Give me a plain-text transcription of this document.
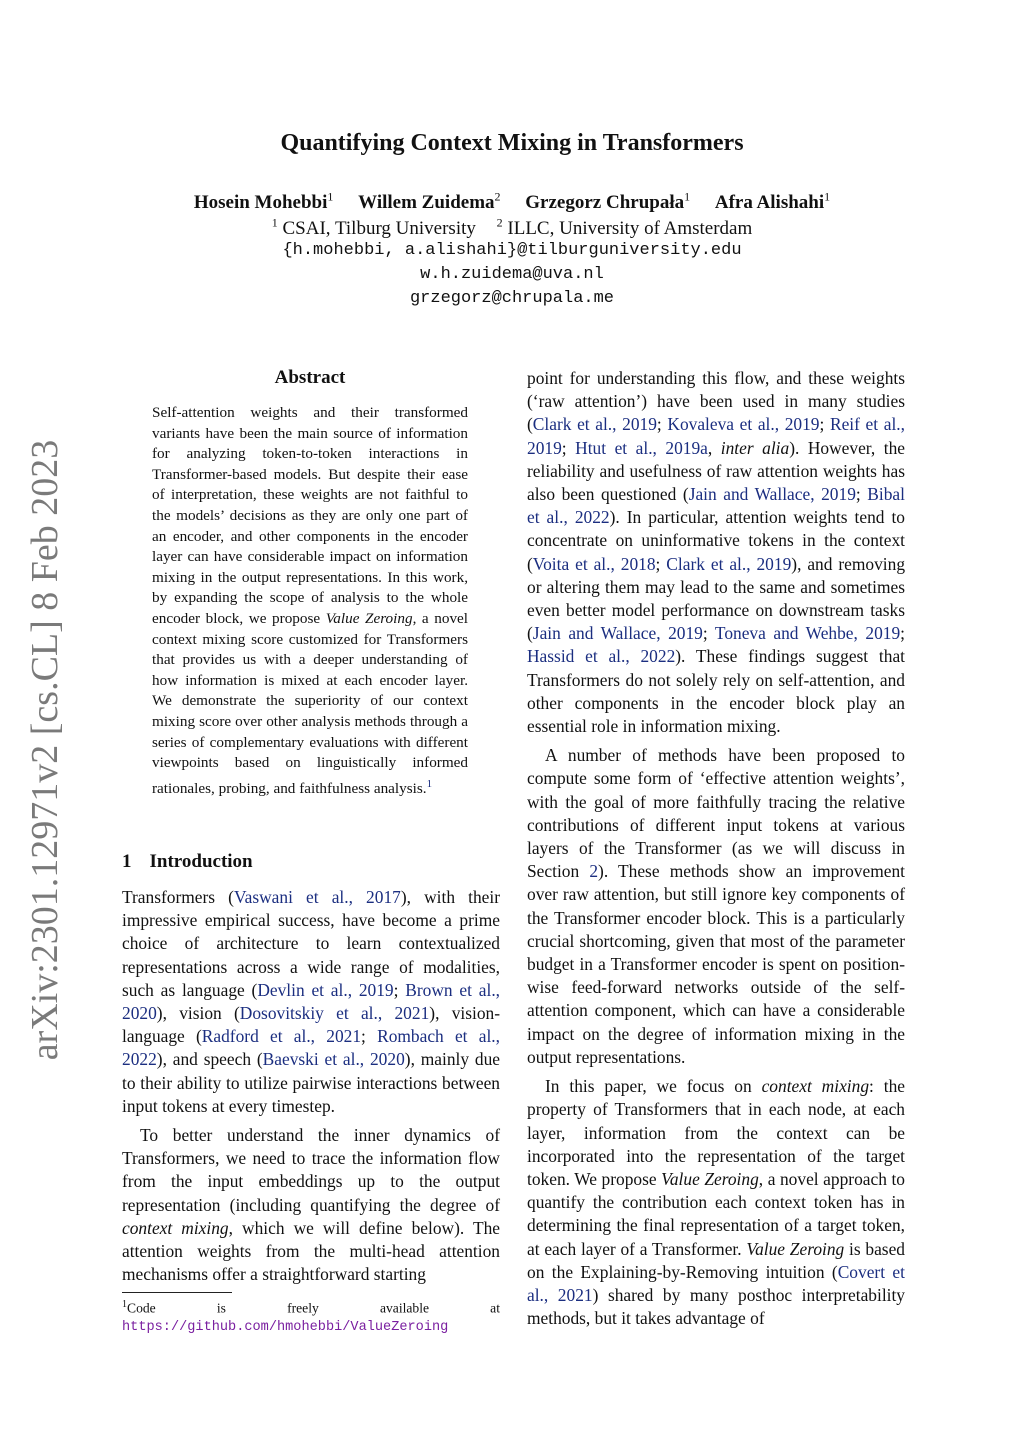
arXiv:2301.12971v2 [cs.CL] 8 Feb 2023
Quantifying Context Mixing in Transformers
Hosein Mohebbi$^1$ Willem Zuidema$^2$ Grzegorz Chrupała$^1$ Afra Alishahi$^1$
$^1$ CSAI, Tilburg University $^2$ ILLC, University of Amsterdam
{h.mohebbi, a.alishahi}@tilburguniversity.edu
w.h.zuidema@uva.nl
grzegorz@chrupala.me
Abstract
Self-attention weights and their transformed variants have been the main source of information for analyzing token-to-token interactions in Transformer-based models. But despite their ease of interpretation, these weights are not faithful to the models’ decisions as they are only one part of an encoder, and other components in the encoder layer can have considerable impact on information mixing in the output representations. In this work, by expanding the scope of analysis to the whole encoder block, we propose Value Zeroing, a novel context mixing score customized for Transformers that provides us with a deeper understanding of how information is mixed at each encoder layer. We demonstrate the superiority of our context mixing score over other analysis methods through a series of complementary evaluations with different viewpoints based on linguistically informed rationales, probing, and faithfulness analysis.$^1$
1 Introduction

Transformers (Vaswani et al., 2017), with their impressive empirical success, have become a prime choice of architecture to learn contextualized representations across a wide range of modalities, such as language (Devlin et al., 2019; Brown et al., 2020), vision (Dosovitskiy et al., 2021), vision-language (Radford et al., 2021; Rombach et al., 2022), and speech (Baevski et al., 2020), mainly due to their ability to utilize pairwise interactions between input tokens at every timestep.

To better understand the inner dynamics of Transformers, we need to trace the information flow from the input embeddings up to the output representation (including quantifying the degree of context mixing, which we will define below). The attention weights from the multi-head attention mechanisms offer a straightforward starting

$^1$Code is freely available at https://github.com/hmohebbi/ValueZeroing

point for understanding this flow, and these weights (‘raw attention’) have been used in many studies (Clark et al., 2019; Kovaleva et al., 2019; Reif et al., 2019; Htut et al., 2019a, inter alia). However, the reliability and usefulness of raw attention weights has also been questioned (Jain and Wallace, 2019; Bibal et al., 2022). In particular, attention weights tend to concentrate on uninformative tokens in the context (Voita et al., 2018; Clark et al., 2019), and removing or altering them may lead to the same and sometimes even better model performance on downstream tasks (Jain and Wallace, 2019; Toneva and Wehbe, 2019; Hassid et al., 2022). These findings suggest that Transformers do not solely rely on self-attention, and other components in the encoder block play an essential role in information mixing.

A number of methods have been proposed to compute some form of ‘effective attention weights’, with the goal of more faithfully tracing the relative contributions of different input tokens at various layers of the Transformer (as we will discuss in Section 2). These methods show an improvement over raw attention, but still ignore key components of the Transformer encoder block. This is a particularly crucial shortcoming, given that most of the parameter budget in a Transformer encoder is spent on position-wise feed-forward networks outside of the self-attention component, which can have a considerable impact on the degree of information mixing in the output representations.

In this paper, we focus on context mixing: the property of Transformers that in each node, at each layer, information from the context can be incorporated into the representation of the target token. We propose Value Zeroing, a novel approach to quantify the contribution each context token has in determining the final representation of a target token, at each layer of a Transformer. Value Zeroing is based on the Explaining-by-Removing intuition (Covert et al., 2021) shared by many posthoc interpretability methods, but it takes advantage of
